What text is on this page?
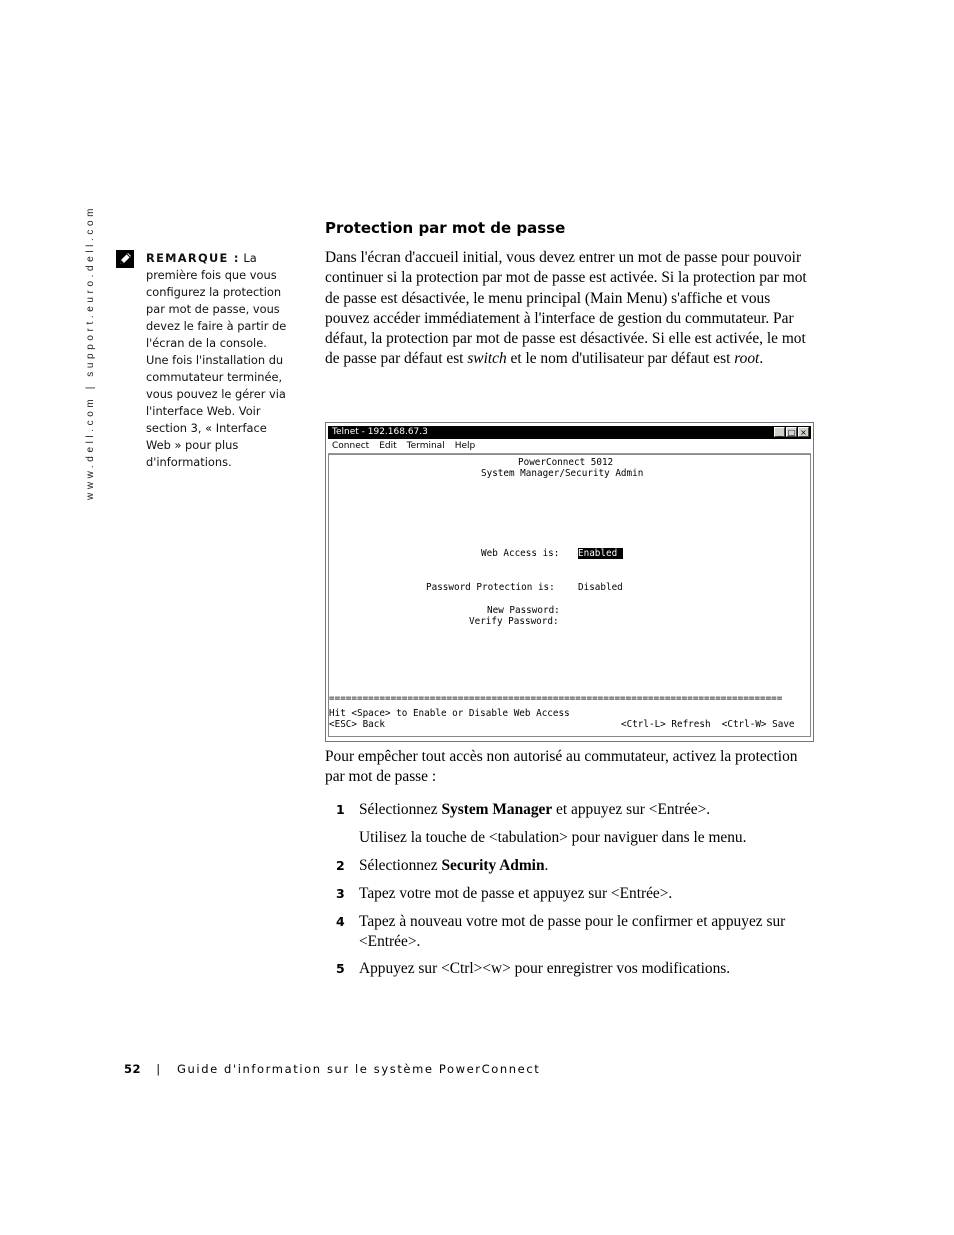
www.dell.com | support.euro.dell.com	REMARQUE : La première fois que vous configurez la protection par mot de passe, vous devez le faire à partir de l'écran de la console. Une fois l'installation du commutateur terminée, vous pouvez le gérer via l'interface Web. Voir section 3, « Interface Web » pour plus d'informations.
Protection par mot de passe
Dans l'écran d'accueil initial, vous devez entrer un mot de passe pour pouvoir continuer si la protection par mot de passe est activée. Si la protection par mot de passe est désactivée, le menu principal (Main Menu) s'affiche et vous pouvez accéder immédiatement à l'interface de gestion du commutateur. Par défaut, la protection par mot de passe est désactivée. Si elle est activée, le mot de passe par défaut est switch et le nom d'utilisateur par défaut est root.
Telnet - 192.168.67.3	_ □ ×
Connect Edit Terminal Help

PowerConnect 5012

System Manager/Security Admin

Web Access is:

Enabled

Password Protection is:

	Disabled

New Password:

Verify Password:

=================================================================================

Hit <Space> to Enable or Disable Web Access

<ESC> Back

	<Ctrl-L> Refresh  <Ctrl-W> Save

Pour empêcher tout accès non autorisé au commutateur, activez la protection par mot de passe :
1 Sélectionnez System Manager et appuyez sur <Entrée>.
Utilisez la touche de <tabulation> pour naviguer dans le menu.
2 Sélectionnez Security Admin.
3 Tapez votre mot de passe et appuyez sur <Entrée>.
4 Tapez à nouveau votre mot de passe pour le confirmer et appuyez sur <Entrée>.
5 Appuyez sur <Ctrl><w> pour enregistrer vos modifications.
52 | Guide d'information sur le système PowerConnect
